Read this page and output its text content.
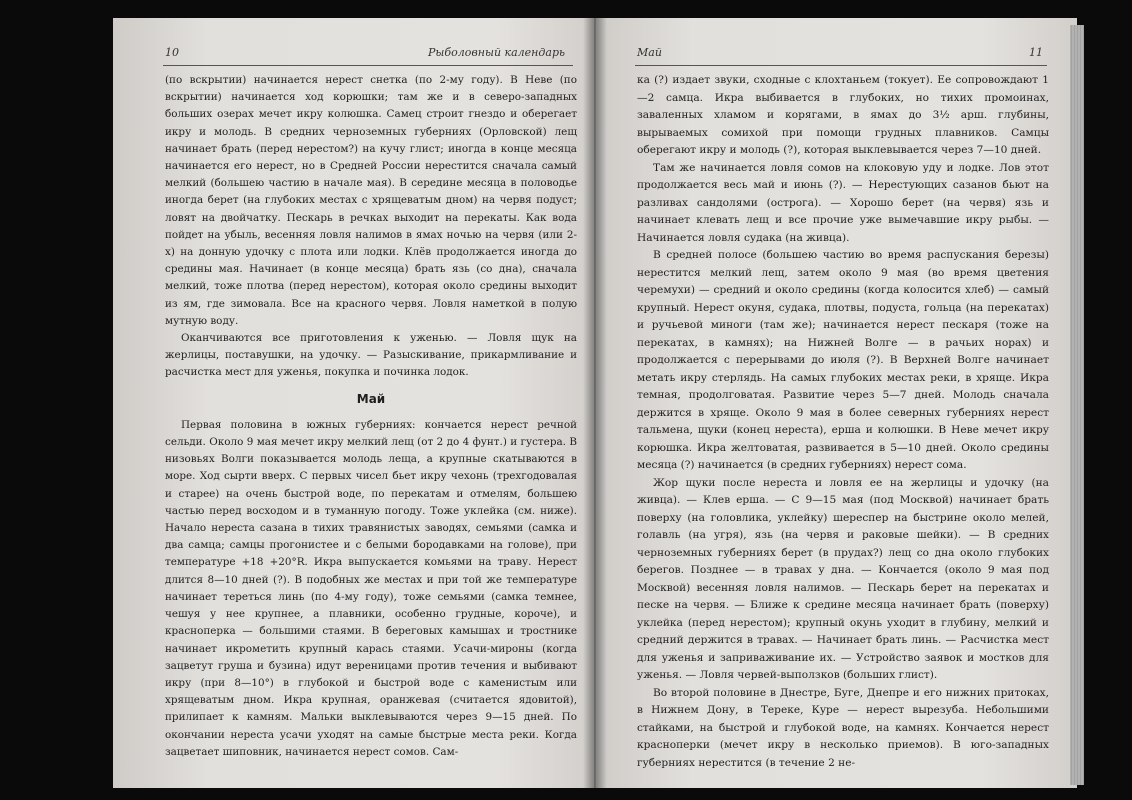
10	Рыболовный календарь

(по вскрытии) начинается нерест снетка (по 2-му году). В Неве (по вскрытии) начинается ход корюшки; там же и в северо-западных больших озерах мечет икру колюшка. Самец строит гнездо и оберегает икру и молодь. В средних черноземных губерниях (Орловской) лещ начинает брать (перед нерестом?) на кучу глист; иногда в конце месяца начинается его нерест, но в Средней России нерестится сначала самый мелкий (большею частию в начале мая). В середине месяца в половодье иногда берет (на глубоких местах с хрящеватым дном) на червя подуст; ловят на двойчатку. Пескарь в речках выходит на перекаты. Как вода пойдет на убыль, весенняя ловля налимов в ямах ночью на червя (или 2-х) на донную удочку с плота или лодки. Клёв продолжается иногда до средины мая. Начинает (в конце месяца) брать язь (со дна), сначала мелкий, тоже плотва (перед нерестом), которая около средины выходит из ям, где зимовала. Все на красного червя. Ловля наметкой в полую мутную воду.

Оканчиваются все приготовления к уженью. — Ловля щук на жерлицы, поставушки, на удочку. — Разыскивание, прикармливание и расчистка мест для уженья, покупка и починка лодок.

Май

Первая половина в южных губерниях: кончается нерест речной сельди. Около 9 мая мечет икру мелкий лещ (от 2 до 4 фунт.) и густера. В низовьях Волги показывается молодь леща, а крупные скатываются в море. Ход сырти вверх. С первых чисел бьет икру чехонь (трехгодовалая и старее) на очень быстрой воде, по перекатам и отмелям, большею частью перед восходом и в туманную погоду. Тоже уклейка (см. ниже). Начало нереста сазана в тихих травянистых заводях, семьями (самка и два самца; самцы прогонистее и с белыми бородавками на голове), при температуре +18 +20°R. Икра выпускается комьями на траву. Нерест длится 8—10 дней (?). В подобных же местах и при той же температуре начинает тереться линь (по 4-му году), тоже семьями (самка темнее, чешуя у нее крупнее, а плавники, особенно грудные, короче), и красноперка — большими стаями. В береговых камышах и тростнике начинает икрометить крупный карась стаями. Усачи-мироны (когда зацветут груша и бузина) идут вереницами против течения и выбивают икру (при 8—10°) в глубокой и быстрой воде с каменистым или хрящеватым дном. Икра крупная, оранжевая (считается ядовитой), прилипает к камням. Мальки выклевываются через 9—15 дней. По окончании нереста усачи уходят на самые быстрые места реки. Когда зацветает шиповник, начинается нерест сомов. Сам-

Май	11

ка (?) издает звуки, сходные с клохтаньем (токует). Ее сопровождают 1—2 самца. Икра выбивается в глубоких, но тихих промоинах, заваленных хламом и корягами, в ямах до 3½ арш. глубины, вырываемых сомихой при помощи грудных плавников. Самцы оберегают икру и молодь (?), которая выклевывается через 7—10 дней.

Там же начинается ловля сомов на клоковую уду и лодке. Лов этот продолжается весь май и июнь (?). — Нерестующих сазанов бьют на разливах сандолями (острога). — Хорошо берет (на червя) язь и начинает клевать лещ и все прочие уже вымечавшие икру рыбы. — Начинается ловля судака (на живца).

В средней полосе (большею частию во время распускания березы) нерестится мелкий лещ, затем около 9 мая (во время цветения черемухи) — средний и около средины (когда колосится хлеб) — самый крупный. Нерест окуня, судака, плотвы, подуста, гольца (на перекатах) и ручьевой миноги (там же); начинается нерест пескаря (тоже на перекатах, в камнях); на Нижней Волге — в рачьих норах) и продолжается с перерывами до июля (?). В Верхней Волге начинает метать икру стерлядь. На самых глубоких местах реки, в хряще. Икра темная, продолговатая. Развитие через 5—7 дней. Молодь сначала держится в хряще. Около 9 мая в более северных губерниях нерест тальмена, щуки (конец нереста), ерша и колюшки. В Неве мечет икру корюшка. Икра желтоватая, развивается в 5—10 дней. Около средины месяца (?) начинается (в средних губерниях) нерест сома.

Жор щуки после нереста и ловля ее на жерлицы и удочку (на живца). — Клев ерша. — С 9—15 мая (под Москвой) начинает брать поверху (на головлика, уклейку) шереспер на быстрине около мелей, голавль (на угря), язь (на червя и раковые шейки). — В средних черноземных губерниях берет (в прудах?) лещ со дна около глубоких берегов. Позднее — в травах у дна. — Кончается (около 9 мая под Москвой) весенняя ловля налимов. — Пескарь берет на перекатах и песке на червя. — Ближе к средине месяца начинает брать (поверху) уклейка (перед нерестом); крупный окунь уходит в глубину, мелкий и средний держится в травах. — Начинает брать линь. — Расчистка мест для уженья и заприваживание их. — Устройство заявок и мостков для уженья. — Ловля червей-выползков (больших глист).

Во второй половине в Днестре, Буге, Днепре и его нижних притоках, в Нижнем Дону, в Тереке, Куре — нерест вырезуба. Небольшими стайками, на быстрой и глубокой воде, на камнях. Кончается нерест красноперки (мечет икру в несколько приемов). В юго-западных губерниях нерестится (в течение 2 не-
